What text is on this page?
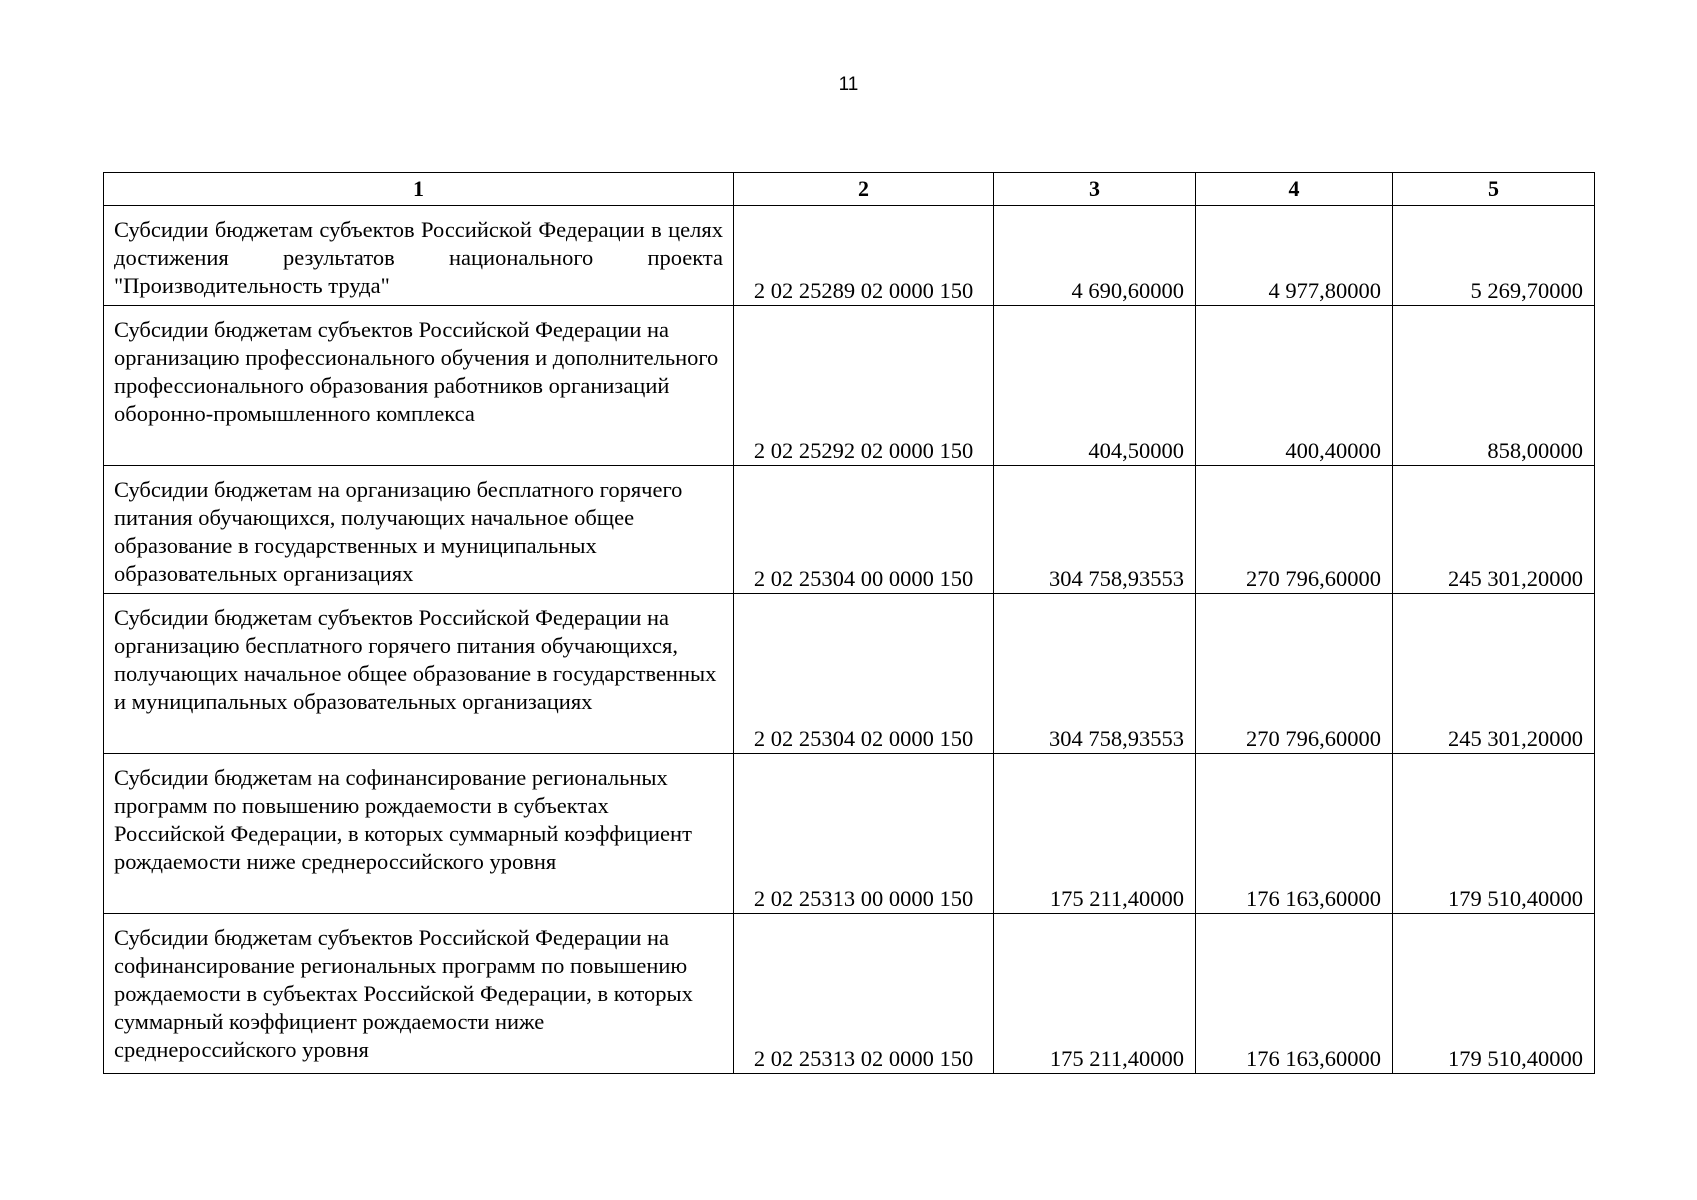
11
1	2	3	4	5
Субсидии бюджетам субъектов Российской Федерации в целях достижения результатов национального проекта "Производительность труда"	2 02 25289 02 0000 150	4 690,60000	4 977,80000	5 269,70000
Субсидии бюджетам субъектов Российской Федерации на организацию профессионального обучения и дополнительного профессионального образования работников организаций оборонно-промышленного комплекса	2 02 25292 02 0000 150	404,50000	400,40000	858,00000
Субсидии бюджетам на организацию бесплатного горячего питания обучающихся, получающих начальное общее образование в государственных и муниципальных образовательных организациях	2 02 25304 00 0000 150	304 758,93553	270 796,60000	245 301,20000
Субсидии бюджетам субъектов Российской Федерации на организацию бесплатного горячего питания обучающихся, получающих начальное общее образование в государственных и муниципальных образовательных организациях	2 02 25304 02 0000 150	304 758,93553	270 796,60000	245 301,20000
Субсидии бюджетам на софинансирование региональных программ по повышению рождаемости в субъектах Российской Федерации, в которых суммарный коэффициент рождаемости ниже среднероссийского уровня	2 02 25313 00 0000 150	175 211,40000	176 163,60000	179 510,40000
Субсидии бюджетам субъектов Российской Федерации на софинансирование региональных программ по повышению рождаемости в субъектах Российской Федерации, в которых суммарный коэффициент рождаемости ниже среднероссийского уровня	2 02 25313 02 0000 150	175 211,40000	176 163,60000	179 510,40000
